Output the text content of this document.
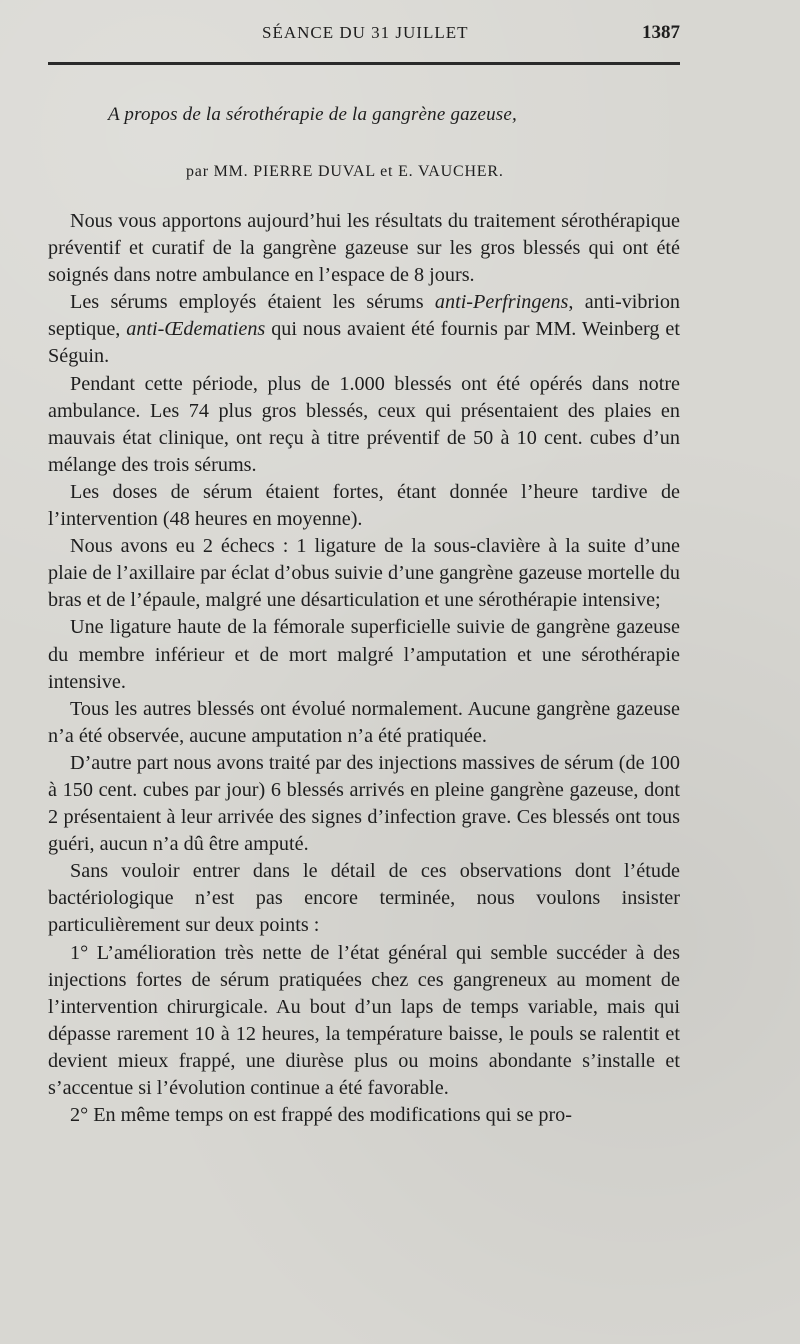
SÉANCE DU 31 JUILLET	1387
A propos de la sérothérapie de la gangrène gazeuse,
par MM. PIERRE DUVAL et E. VAUCHER.

Nous vous apportons aujourd’hui les résultats du traitement sérothérapique préventif et curatif de la gangrène gazeuse sur les gros blessés qui ont été soignés dans notre ambulance en l’espace de 8 jours.

Les sérums employés étaient les sérums anti-Perfringens, anti-vibrion septique, anti-Œdematiens qui nous avaient été fournis par MM. Weinberg et Séguin.

Pendant cette période, plus de 1.000 blessés ont été opérés dans notre ambulance. Les 74 plus gros blessés, ceux qui présentaient des plaies en mauvais état clinique, ont reçu à titre préventif de 50 à 10 cent. cubes d’un mélange des trois sérums.

Les doses de sérum étaient fortes, étant donnée l’heure tardive de l’intervention (48 heures en moyenne).

Nous avons eu 2 échecs : 1 ligature de la sous-clavière à la suite d’une plaie de l’axillaire par éclat d’obus suivie d’une gangrène gazeuse mortelle du bras et de l’épaule, malgré une désarticulation et une sérothérapie intensive;

Une ligature haute de la fémorale superficielle suivie de gangrène gazeuse du membre inférieur et de mort malgré l’amputation et une sérothérapie intensive.

Tous les autres blessés ont évolué normalement. Aucune gangrène gazeuse n’a été observée, aucune amputation n’a été pratiquée.

D’autre part nous avons traité par des injections massives de sérum (de 100 à 150 cent. cubes par jour) 6 blessés arrivés en pleine gangrène gazeuse, dont 2 présentaient à leur arrivée des signes d’infection grave. Ces blessés ont tous guéri, aucun n’a dû être amputé.

Sans vouloir entrer dans le détail de ces observations dont l’étude bactériologique n’est pas encore terminée, nous voulons insister particulièrement sur deux points :

1° L’amélioration très nette de l’état général qui semble succéder à des injections fortes de sérum pratiquées chez ces gangreneux au moment de l’intervention chirurgicale. Au bout d’un laps de temps variable, mais qui dépasse rarement 10 à 12 heures, la température baisse, le pouls se ralentit et devient mieux frappé, une diurèse plus ou moins abondante s’installe et s’accentue si l’évolution continue a été favorable.

2° En même temps on est frappé des modifications qui se pro-
